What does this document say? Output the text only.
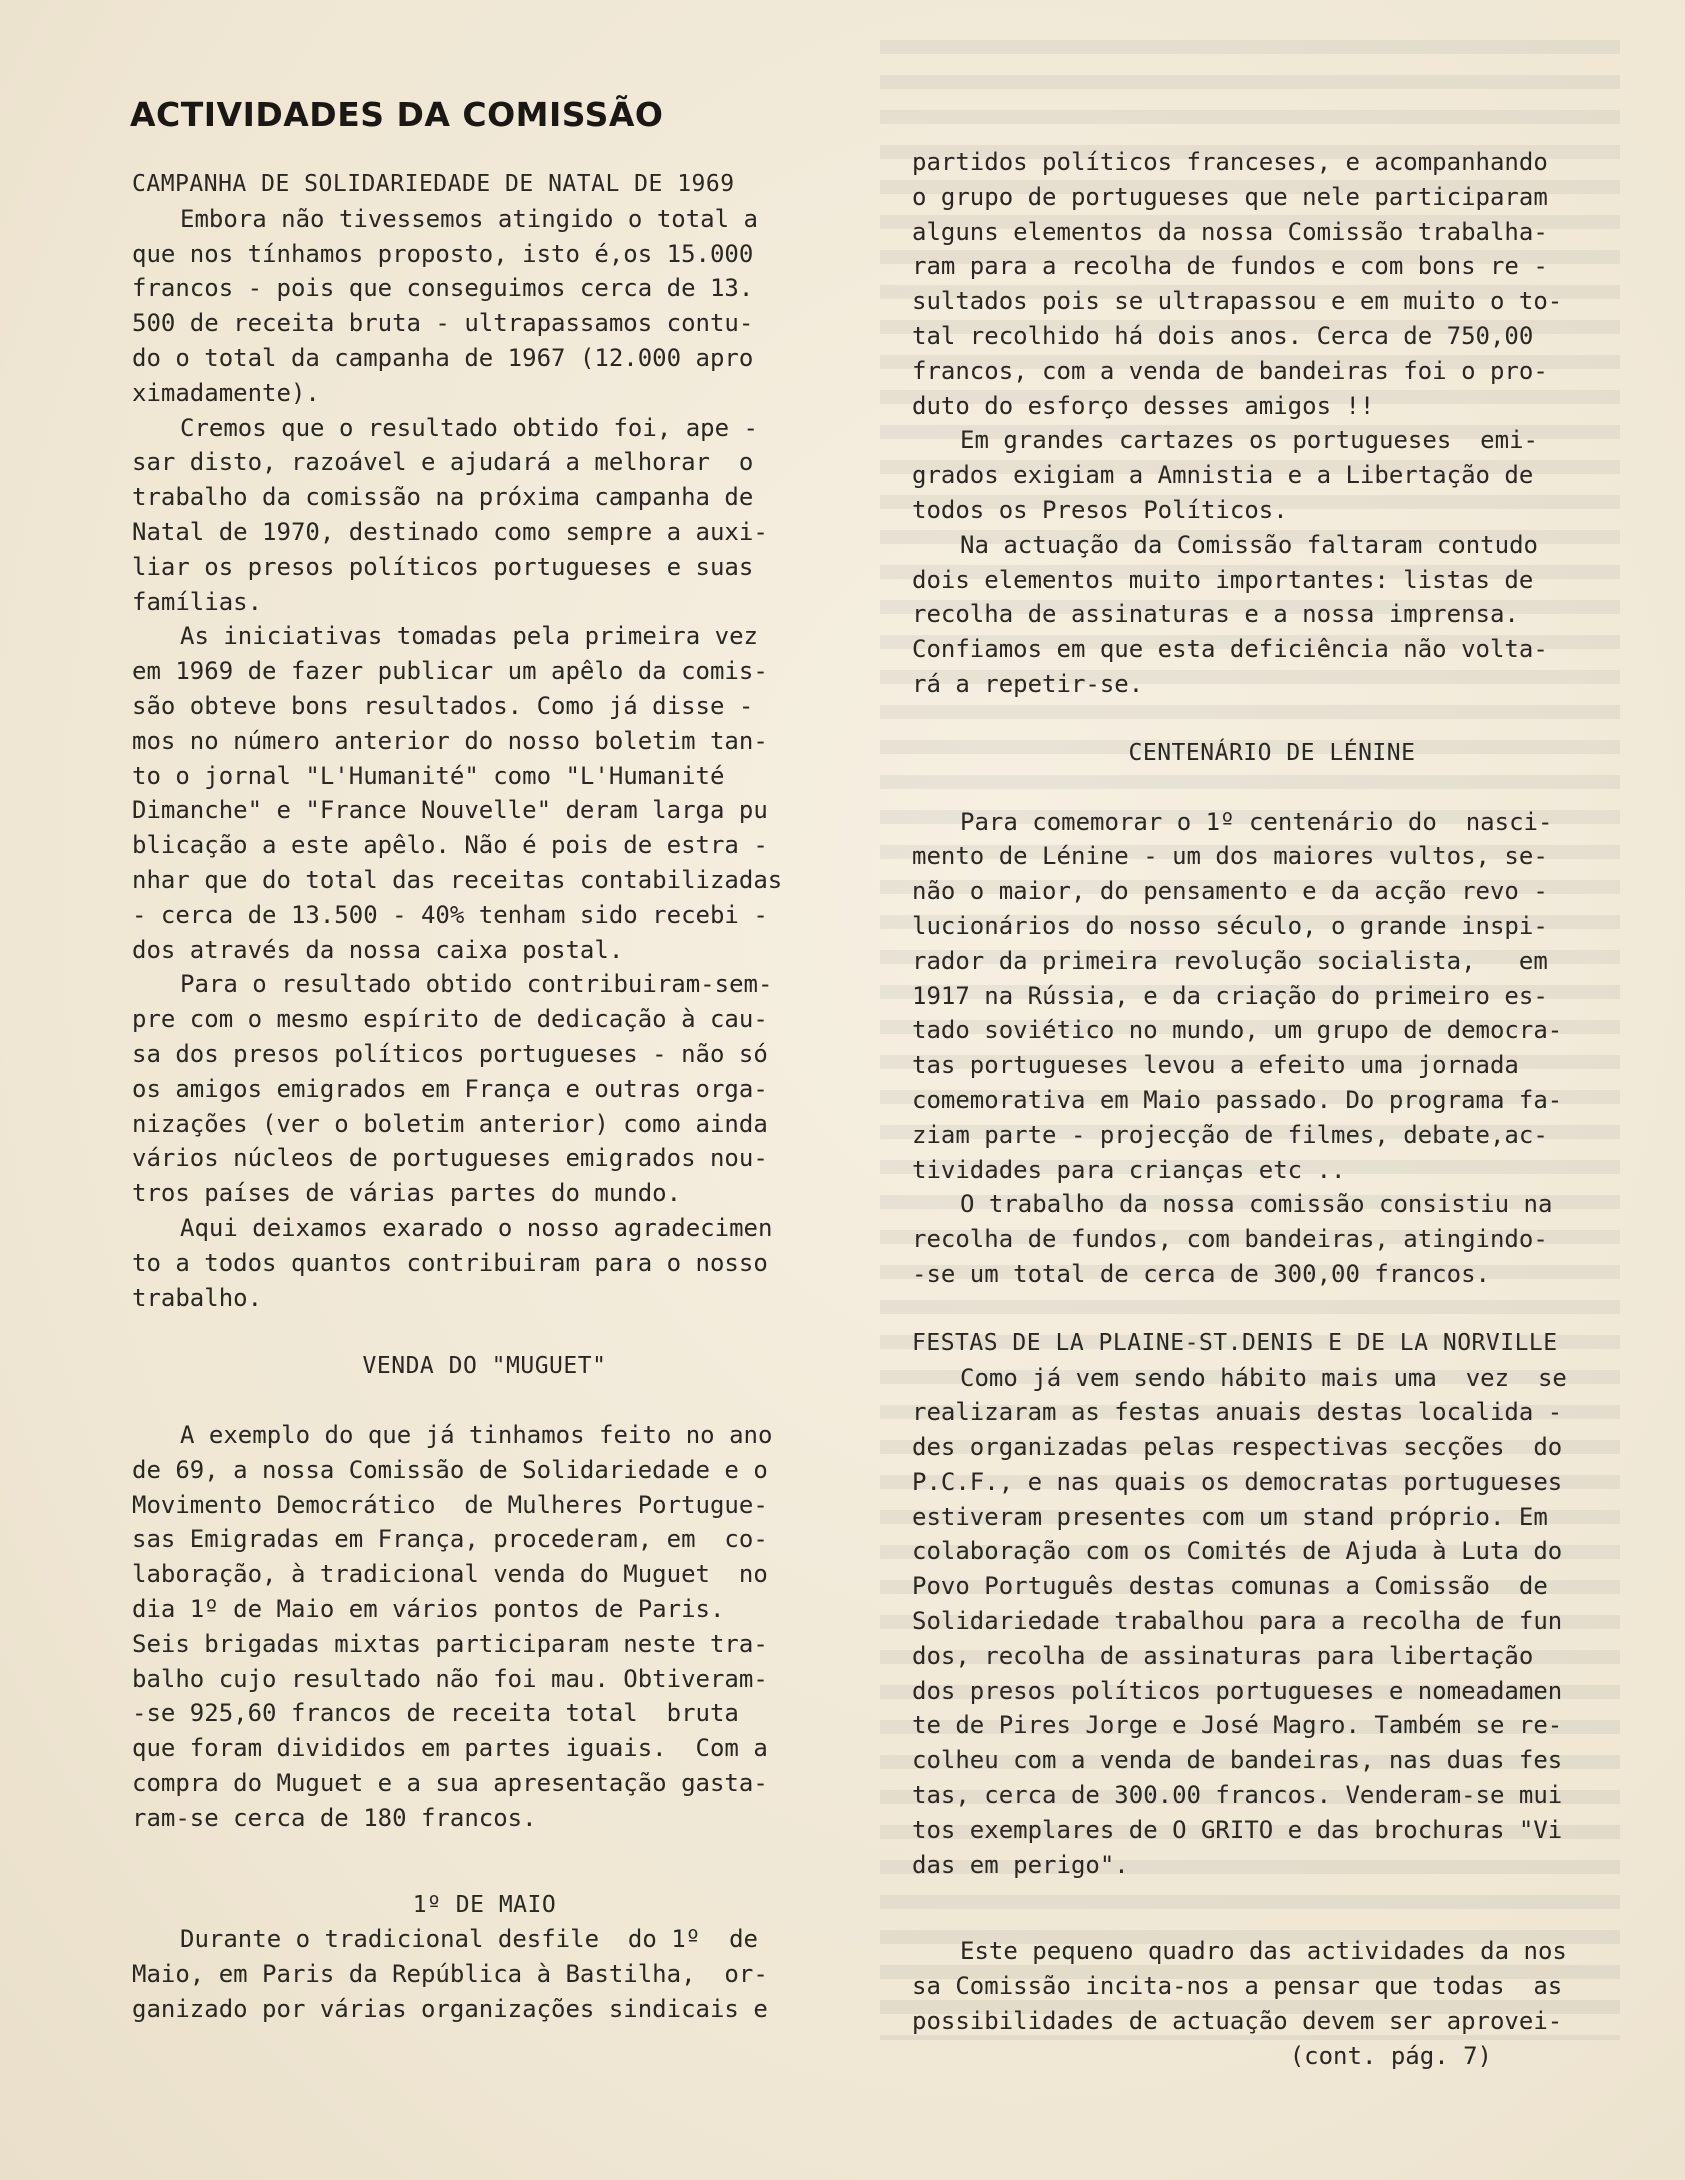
ACTIVIDADES DA COMISSÃO
CAMPANHA DE SOLIDARIEDADE DE NATAL DE 1969
Embora não tivessemos atingido o total a
que nos tínhamos proposto, isto é,os 15.000
francos - pois que conseguimos cerca de 13.
500 de receita bruta - ultrapassamos contu-
do o total da campanha de 1967 (12.000 apro
ximadamente).
Cremos que o resultado obtido foi, ape -
sar disto, razoável e ajudará a melhorar  o
trabalho da comissão na próxima campanha de
Natal de 1970, destinado como sempre a auxi-
liar os presos políticos portugueses e suas
famílias.
As iniciativas tomadas pela primeira vez
em 1969 de fazer publicar um apêlo da comis-
são obteve bons resultados. Como já disse -
mos no número anterior do nosso boletim tan-
to o jornal "L'Humanité" como "L'Humanité
Dimanche" e "France Nouvelle" deram larga pu
blicação a este apêlo. Não é pois de estra -
nhar que do total das receitas contabilizadas
- cerca de 13.500 - 40% tenham sido recebi -
dos através da nossa caixa postal.
Para o resultado obtido contribuiram-sem-
pre com o mesmo espírito de dedicação à cau-
sa dos presos políticos portugueses - não só
os amigos emigrados em França e outras orga-
nizações (ver o boletim anterior) como ainda
vários núcleos de portugueses emigrados nou-
tros países de várias partes do mundo.
Aqui deixamos exarado o nosso agradecimen
to a todos quantos contribuiram para o nosso
trabalho.
VENDA DO "MUGUET"
A exemplo do que já tinhamos feito no ano
de 69, a nossa Comissão de Solidariedade e o
Movimento Democrático  de Mulheres Portugue-
sas Emigradas em França, procederam, em  co-
laboração, à tradicional venda do Muguet  no
dia 1º de Maio em vários pontos de Paris.
Seis brigadas mixtas participaram neste tra-
balho cujo resultado não foi mau. Obtiveram-
-se 925,60 francos de receita total  bruta
que foram divididos em partes iguais.  Com a
compra do Muguet e a sua apresentação gasta-
ram-se cerca de 180 francos.
1º DE MAIO
Durante o tradicional desfile  do 1º  de
Maio, em Paris da República à Bastilha,  or-
ganizado por várias organizações sindicais e
partidos políticos franceses, e acompanhando
o grupo de portugueses que nele participaram
alguns elementos da nossa Comissão trabalha-
ram para a recolha de fundos e com bons re -
sultados pois se ultrapassou e em muito o to-
tal recolhido há dois anos. Cerca de 750,00
francos, com a venda de bandeiras foi o pro-
duto do esforço desses amigos !!
Em grandes cartazes os portugueses  emi-
grados exigiam a Amnistia e a Libertação de
todos os Presos Políticos.
Na actuação da Comissão faltaram contudo
dois elementos muito importantes: listas de
recolha de assinaturas e a nossa imprensa.
Confiamos em que esta deficiência não volta-
rá a repetir-se.
CENTENÁRIO DE LÉNINE
Para comemorar o 1º centenário do  nasci-
mento de Lénine - um dos maiores vultos, se-
não o maior, do pensamento e da acção revo -
lucionários do nosso século, o grande inspi-
rador da primeira revolução socialista,   em
1917 na Rússia, e da criação do primeiro es-
tado soviético no mundo, um grupo de democra-
tas portugueses levou a efeito uma jornada
comemorativa em Maio passado. Do programa fa-
ziam parte - projecção de filmes, debate,ac-
tividades para crianças etc ..
O trabalho da nossa comissão consistiu na
recolha de fundos, com bandeiras, atingindo-
-se um total de cerca de 300,00 francos.
FESTAS DE LA PLAINE-ST.DENIS E DE LA NORVILLE
Como já vem sendo hábito mais uma  vez  se
realizaram as festas anuais destas localida -
des organizadas pelas respectivas secções  do
P.C.F., e nas quais os democratas portugueses
estiveram presentes com um stand próprio. Em
colaboração com os Comités de Ajuda à Luta do
Povo Português destas comunas a Comissão  de
Solidariedade trabalhou para a recolha de fun
dos, recolha de assinaturas para libertação
dos presos políticos portugueses e nomeadamen
te de Pires Jorge e José Magro. Também se re-
colheu com a venda de bandeiras, nas duas fes
tas, cerca de 300.00 francos. Venderam-se mui
tos exemplares de O GRITO e das brochuras "Vi
das em perigo".
Este pequeno quadro das actividades da nos
sa Comissão incita-nos a pensar que todas  as
possibilidades de actuação devem ser aprovei-
(cont. pág. 7)
